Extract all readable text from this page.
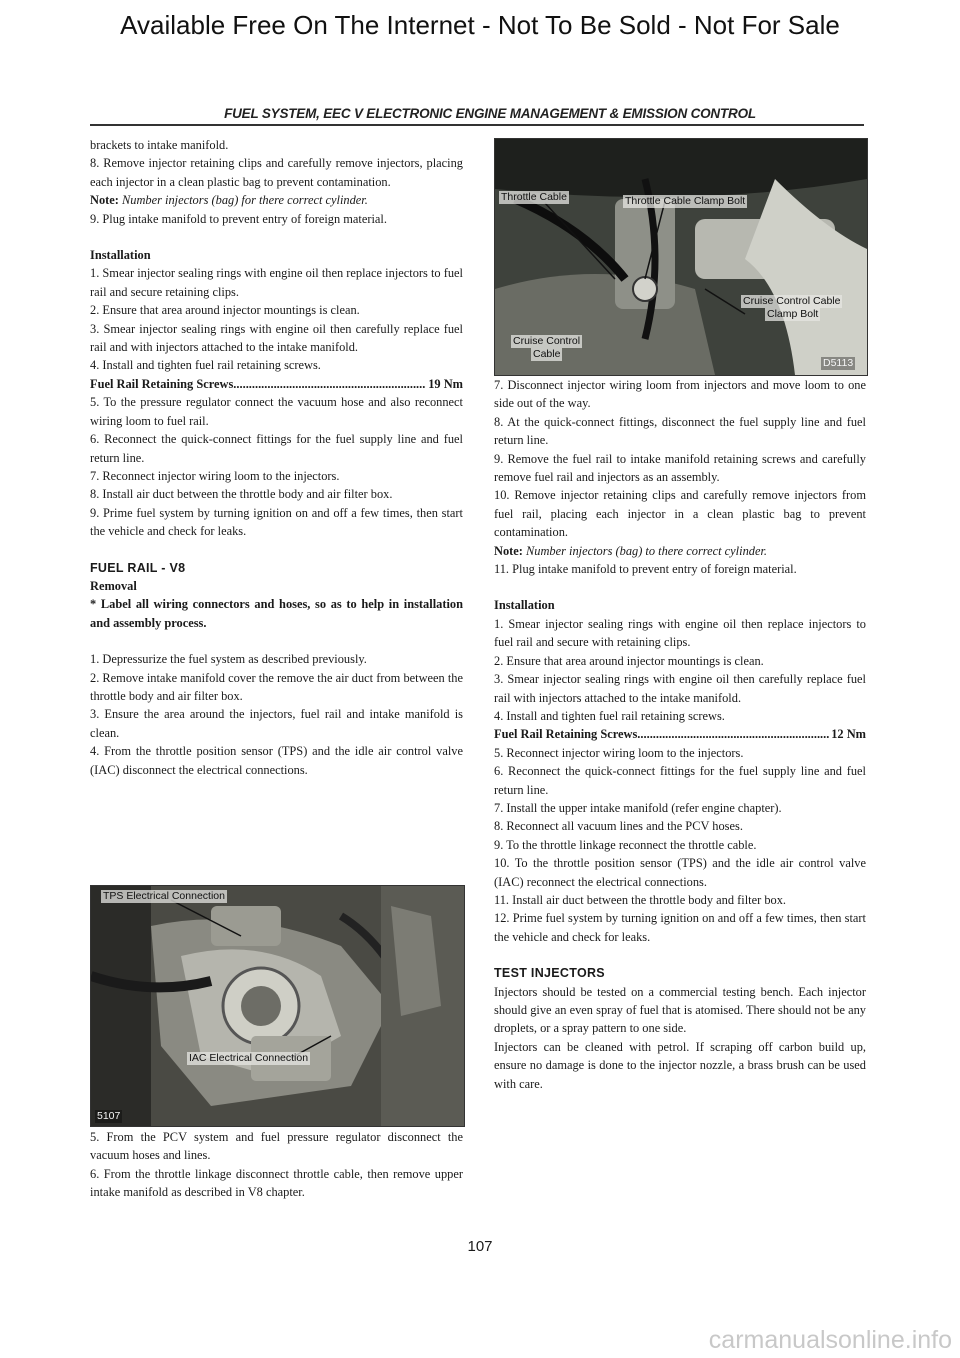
Available Free On The Internet - Not To Be Sold - Not For Sale
FUEL SYSTEM, EEC V ELECTRONIC ENGINE MANAGEMENT & EMISSION CONTROL

brackets to intake manifold.

8. Remove injector retaining clips and carefully remove injectors, placing each injector in a clean plastic bag to prevent contamination.

Note: Number injectors (bag) for there correct cylinder.

9. Plug intake manifold to prevent entry of foreign material.

Installation

1. Smear injector sealing rings with engine oil then replace injectors to fuel rail and secure retaining clips.

2. Ensure that area around injector mountings is clean.

3. Smear injector sealing rings with engine oil then carefully replace fuel rail and with injectors attached to the intake manifold.

4. Install and tighten fuel rail retaining screws.

Fuel Rail Retaining Screws .....	19 Nm

5. To the pressure regulator connect the vacuum hose and also reconnect wiring loom to fuel rail.

6. Reconnect the quick-connect fittings for the fuel supply line and fuel return line.

7. Reconnect injector wiring loom to the injectors.

8. Install air duct between the throttle body and air filter box.

9. Prime fuel system by turning ignition on and off a few times, then start the vehicle and check for leaks.

FUEL RAIL - V8

Removal

* Label all wiring connectors and hoses, so as to help in installation and assembly process.

1. Depressurize the fuel system as described previously.

2. Remove intake manifold cover the remove the air duct from between the throttle body and air filter box.

3. Ensure the area around the injectors, fuel rail and intake manifold is clean.

4. From the throttle position sensor (TPS) and the idle air control valve (IAC) disconnect the electrical connections.

TPS Electrical Connection
IAC Electrical Connection
5107

5. From the PCV system and fuel pressure regulator disconnect the vacuum hoses and lines.

6. From the throttle linkage disconnect throttle cable, then remove upper intake manifold as described in V8 chapter.

Throttle Cable	Throttle Cable Clamp Bolt
Cruise Control Cable
Clamp Bolt
Cruise Control
Cable
D5113

7. Disconnect injector wiring loom from injectors and move loom to one side out of the way.

8. At the quick-connect fittings, disconnect the fuel supply line and fuel return line.

9. Remove the fuel rail to intake manifold retaining screws and carefully remove fuel rail and injectors as an assembly.

10. Remove injector retaining clips and carefully remove injectors from fuel rail, placing each injector in a clean plastic bag to prevent contamination.

Note: Number injectors (bag) to there correct cylinder.

11. Plug intake manifold to prevent entry of foreign material.

Installation

1. Smear injector sealing rings with engine oil then replace injectors to fuel rail and secure with retaining clips.

2. Ensure that area around injector mountings is clean.

3. Smear injector sealing rings with engine oil then carefully replace fuel rail with injectors attached to the intake manifold.

4. Install and tighten fuel rail retaining screws.

Fuel Rail Retaining Screws .....	12 Nm

5. Reconnect injector wiring loom to the injectors.

6. Reconnect the quick-connect fittings for the fuel supply line and fuel return line.

7. Install the upper intake manifold (refer engine chapter).

8. Reconnect all vacuum lines and the PCV hoses.

9. To the throttle linkage reconnect the throttle cable.

10. To the throttle position sensor (TPS) and the idle air control valve (IAC) reconnect the electrical connections.

11. Install air duct between the throttle body and filter box.

12. Prime fuel system by turning ignition on and off a few times, then start the vehicle and check for leaks.

TEST INJECTORS

Injectors should be tested on a commercial testing bench. Each injector should give an even spray of fuel that is atomised. There should not be any droplets, or a spray pattern to one side.

Injectors can be cleaned with petrol. If scraping off carbon build up, ensure no damage is done to the injector nozzle, a brass brush can be used with care.

107
carmanualsonline.info
